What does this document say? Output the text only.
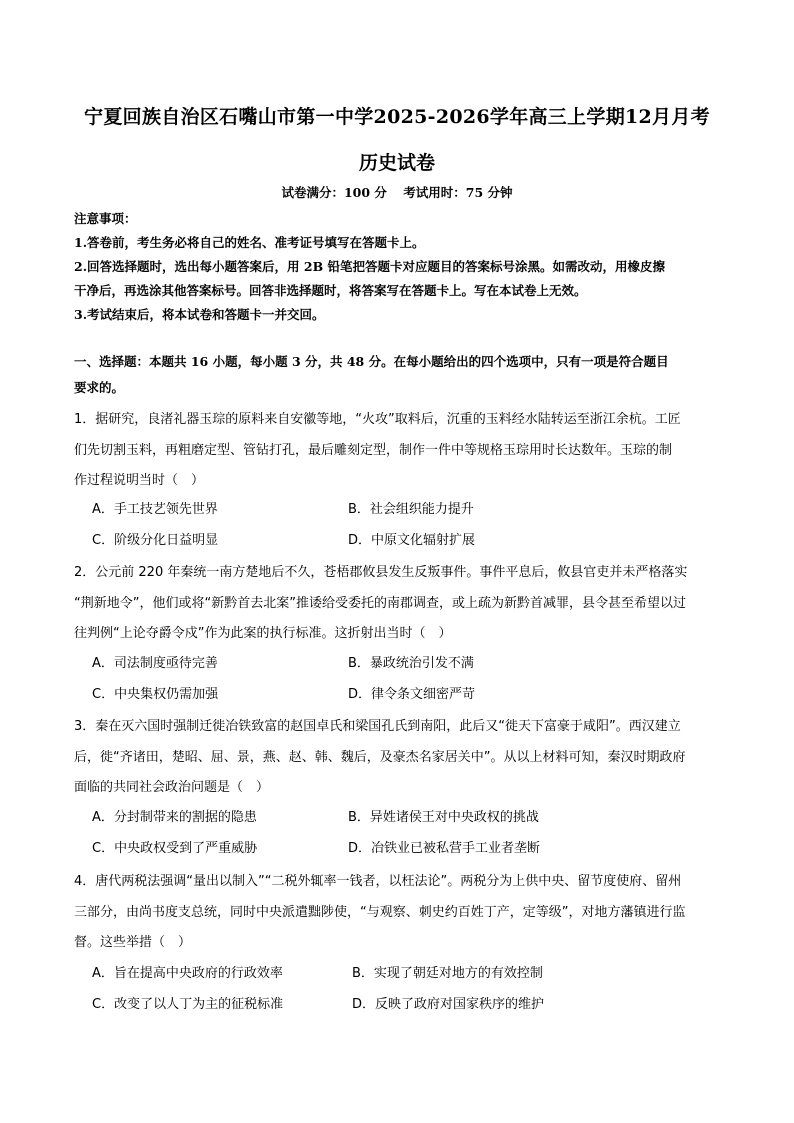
宁夏回族自治区石嘴山市第一中学2025-2026学年高三上学期12月月考
历史试卷
试卷满分：100 分 考试用时：75 分钟

注意事项：

1.答卷前，考生务必将自己的姓名、准考证号填写在答题卡上。

2.回答选择题时，选出每小题答案后，用 2B 铅笔把答题卡对应题目的答案标号涂黑。如需改动，用橡皮擦

干净后，再选涂其他答案标号。回答非选择题时，将答案写在答题卡上。写在本试卷上无效。

3.考试结束后，将本试卷和答题卡一并交回。

一、选择题：本题共 16 小题，每小题 3 分，共 48 分。在每小题给出的四个选项中，只有一项是符合题目
要求的。
1．据研究，良渚礼器玉琮的原料来自安徽等地，“火攻”取料后，沉重的玉料经水陆转运至浙江余杭。工匠
们先切割玉料，再粗磨定型、管钻打孔，最后雕刻定型，制作一件中等规格玉琮用时长达数年。玉琮的制
作过程说明当时（　）
A．手工技艺领先世界	B．社会组织能力提升
C．阶级分化日益明显	D．中原文化辐射扩展
2．公元前 220 年秦统一南方楚地后不久，苍梧郡攸县发生反叛事件。事件平息后，攸县官吏并未严格落实
“荆新地令”，他们或将“新黔首去北案”推诿给受委托的南郡调查，或上疏为新黔首减罪，县令甚至希望以过
往判例“上论夺爵令戍”作为此案的执行标准。这折射出当时（　）
A．司法制度亟待完善	B．暴政统治引发不满
C．中央集权仍需加强	D．律令条文细密严苛
3．秦在灭六国时强制迁徙冶铁致富的赵国卓氏和梁国孔氏到南阳，此后又“徙天下富豪于咸阳”。西汉建立
后，徙“齐诸田，楚昭、屈、景，燕、赵、韩、魏后，及豪杰名家居关中”。从以上材料可知，秦汉时期政府
面临的共同社会政治问题是（　）
A．分封制带来的割据的隐患	B．异姓诸侯王对中央政权的挑战
C．中央政权受到了严重威胁	D．冶铁业已被私营手工业者垄断
4．唐代两税法强调“量出以制入”“二税外辄率一钱者，以枉法论”。两税分为上供中央、留节度使府、留州
三部分，由尚书度支总统，同时中央派遣黜陟使，“与观察、刺史约百姓丁产，定等级”，对地方藩镇进行监
督。这些举措（　）
A．旨在提高中央政府的行政效率	B．实现了朝廷对地方的有效控制
C．改变了以人丁为主的征税标准	D．反映了政府对国家秩序的维护
